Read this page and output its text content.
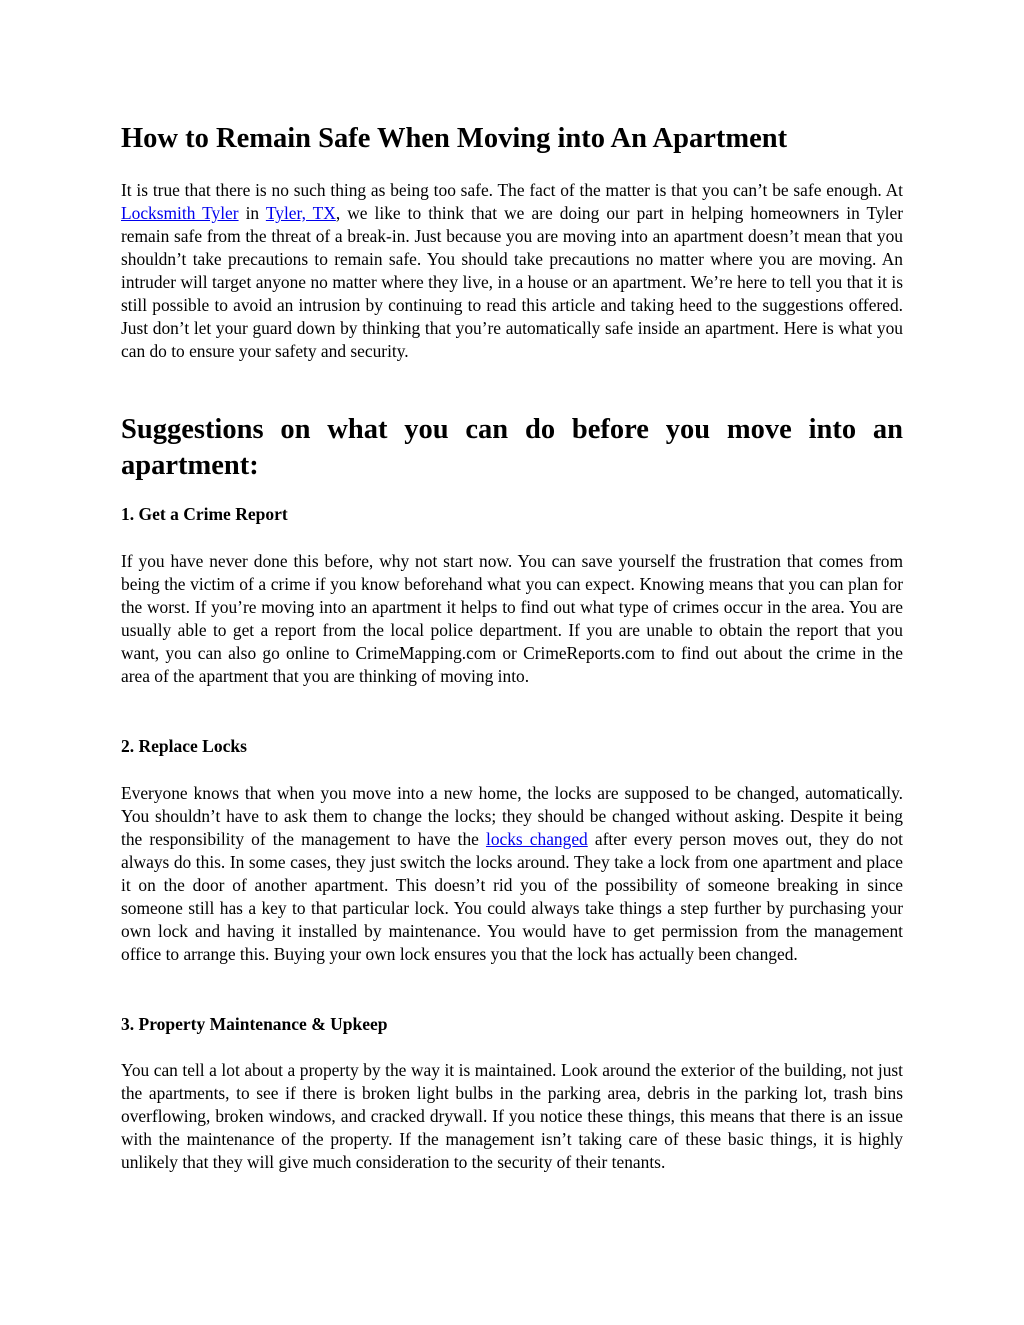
How to Remain Safe When Moving into An Apartment

It is true that there is no such thing as being too safe. The fact of the matter is that you can’t be safe enough. At Locksmith Tyler in Tyler, TX, we like to think that we are doing our part in helping homeowners in Tyler remain safe from the threat of a break-in. Just because you are moving into an apartment doesn’t mean that you shouldn’t take precautions to remain safe. You should take precautions no matter where you are moving. An intruder will target anyone no matter where they live, in a house or an apartment. We’re here to tell you that it is still possible to avoid an intrusion by continuing to read this article and taking heed to the suggestions offered. Just don’t let your guard down by thinking that you’re automatically safe inside an apartment. Here is what you can do to ensure your safety and security.

Suggestions on what you can do before you move into an apartment:
1. Get a Crime Report

If you have never done this before, why not start now. You can save yourself the frustration that comes from being the victim of a crime if you know beforehand what you can expect. Knowing means that you can plan for the worst. If you’re moving into an apartment it helps to find out what type of crimes occur in the area. You are usually able to get a report from the local police department. If you are unable to obtain the report that you want, you can also go online to CrimeMapping.com or CrimeReports.com to find out about the crime in the area of the apartment that you are thinking of moving into.

2. Replace Locks

Everyone knows that when you move into a new home, the locks are supposed to be changed, automatically. You shouldn’t have to ask them to change the locks; they should be changed without asking. Despite it being the responsibility of the management to have the locks changed after every person moves out, they do not always do this. In some cases, they just switch the locks around. They take a lock from one apartment and place it on the door of another apartment. This doesn’t rid you of the possibility of someone breaking in since someone still has a key to that particular lock. You could always take things a step further by purchasing your own lock and having it installed by maintenance. You would have to get permission from the management office to arrange this. Buying your own lock ensures you that the lock has actually been changed.

3. Property Maintenance & Upkeep

You can tell a lot about a property by the way it is maintained. Look around the exterior of the building, not just the apartments, to see if there is broken light bulbs in the parking area, debris in the parking lot, trash bins overflowing, broken windows, and cracked drywall. If you notice these things, this means that there is an issue with the maintenance of the property. If the management isn’t taking care of these basic things, it is highly unlikely that they will give much consideration to the security of their tenants.
